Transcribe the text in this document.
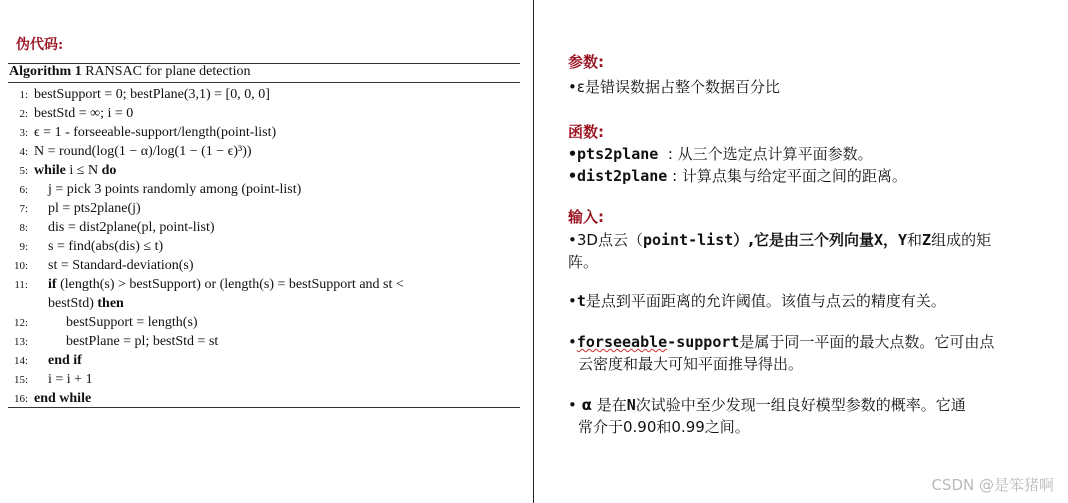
伪代码:
Algorithm 1 RANSAC for plane detection
1: bestSupport = 0; bestPlane(3,1) = [0, 0, 0]
2: bestStd = ∞; i = 0
3: ϵ = 1 - forseeable-support/length(point-list)
4: N = round(log(1 − α)/log(1 − (1 − ϵ)³))
5: while i ≤ N do
6: j = pick 3 points randomly among (point-list)
7: pl = pts2plane(j)
8: dis = dist2plane(pl, point-list)
9: s = find(abs(dis) ≤ t)
10: st = Standard-deviation(s)
11: if (length(s) > bestSupport) or (length(s) = bestSupport and st <
bestStd) then
12:	bestSupport = length(s)
13:	bestPlane = pl; bestStd = st
14: end if
15: i = i + 1
16: end while
参数:
•ɛ是错误数据占整个数据百分比
函数:
•pts2plane  : 从三个选定点计算平面参数。
•dist2plane : 计算点集与给定平面之间的距离。
输入:
•3D点云（point-list）,它是由三个列向量X，Y和Z组成的矩
阵。
•t是点到平面距离的允许阈值。该值与点云的精度有关。
•forseeable-support是属于同一平面的最大点数。它可由点
云密度和最大可知平面推导得出。
• α 是在N次试验中至少发现一组良好模型参数的概率。它通
常介于0.90和0.99之间。
CSDN @是笨猪啊
